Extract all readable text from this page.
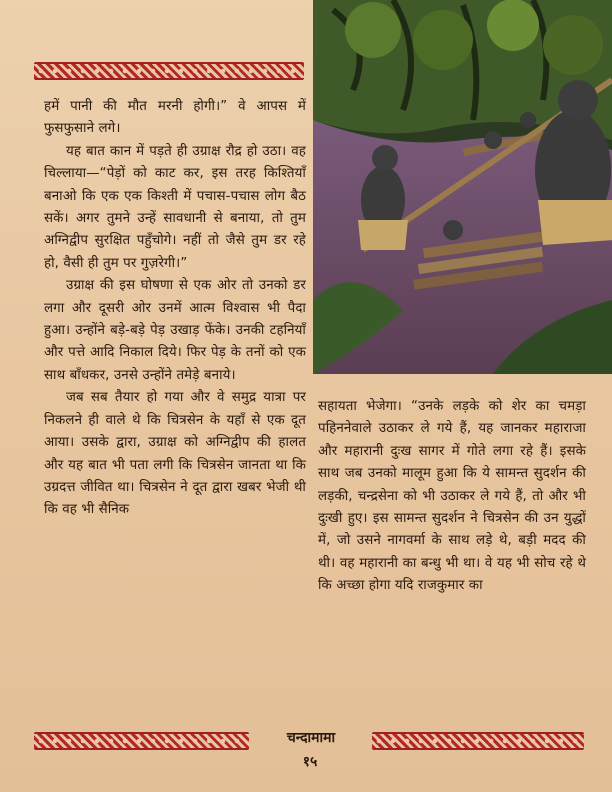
हमें पानी की मौत मरनी होगी।” वे आपस में फुसफुसाने लगे।

यह बात कान में पड़ते ही उग्राक्ष रौद्र हो उठा। वह चिल्लाया—“पेड़ों को काट कर, इस तरह किश्तियाँ बनाओ कि एक एक किश्ती में पचास-पचास लोग बैठ सकें। अगर तुमने उन्हें सावधानी से बनाया, तो तुम अग्निद्वीप सुरक्षित पहुँचोगे। नहीं तो जैसे तुम डर रहे हो, वैसी ही तुम पर गुज़रेगी।”

उग्राक्ष की इस घोषणा से एक ओर तो उनको डर लगा और दूसरी ओर उनमें आत्म विश्वास भी पैदा हुआ। उन्होंने बड़े-बड़े पेड़ उखाड़ फेंके। उनकी टहनियाँ और पत्ते आदि निकाल दिये। फिर पेड़ के तनों को एक साथ बाँधकर, उनसे उन्होंने तमेड़े बनाये।

जब सब तैयार हो गया और वे समुद्र यात्रा पर निकलने ही वाले थे कि चित्रसेन के यहाँ से एक दूत आया। उसके द्वारा, उग्राक्ष को अग्निद्वीप की हालत और यह बात भी पता लगी कि चित्रसेन जानता था कि उग्रदत्त जीवित था। चित्रसेन ने दूत द्वारा खबर भेजी थी कि वह भी सैनिक

सहायता भेजेगा। “उनके लड़के को शेर का चमड़ा पहिननेवाले उठाकर ले गये हैं, यह जानकर महाराजा और महारानी दुःख सागर में गोते लगा रहे हैं। इसके साथ जब उनको मालूम हुआ कि ये सामन्त सुदर्शन की लड़की, चन्द्रसेना को भी उठाकर ले गये हैं, तो और भी दुःखी हुए। इस सामन्त सुदर्शन ने चित्रसेन की उन युद्धों में, जो उसने नागवर्मा के साथ लड़े थे, बड़ी मदद की थी। वह महारानी का बन्धु भी था। वे यह भी सोच रहे थे कि अच्छा होगा यदि राजकुमार का

चन्दामामा
१५
